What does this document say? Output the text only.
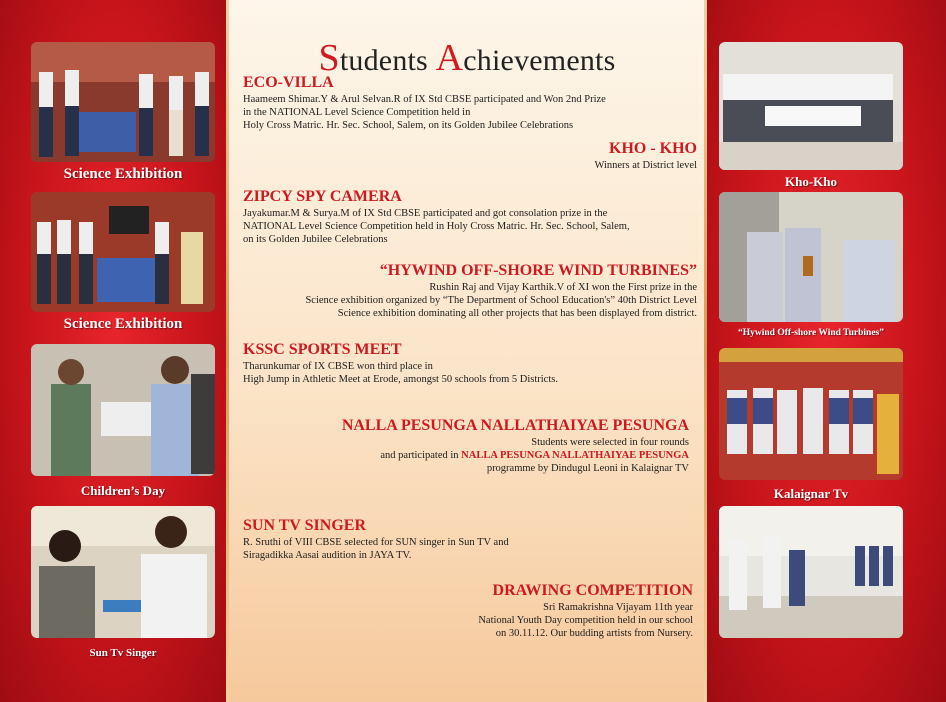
Science Exhibition
Science Exhibition
Children’s Day
Sun Tv Singer
Kho-Kho
“Hywind Off-shore Wind Turbines”
Kalaignar Tv
Students Achievements
ECO-VILLA

Haameem Shimar.Y & Arul Selvan.R of IX Std CBSE participated and Won 2nd Prize
in the NATIONAL Level Science Competition held in
Holy Cross Matric. Hr. Sec. School, Salem, on its Golden Jubilee Celebrations

KHO - KHO

Winners at District level

ZIPCY SPY CAMERA

Jayakumar.M & Surya.M of IX Std CBSE participated and got consolation prize in the
NATIONAL Level Science Competition held in Holy Cross Matric. Hr. Sec. School, Salem,
on its Golden Jubilee Celebrations

“HYWIND OFF-SHORE WIND TURBINES”

Rushin Raj and Vijay Karthik.V of XI won the First prize in the
Science exhibition organized by “The Department of School Education's” 40th District Level
Science exhibition dominating all other projects that has been displayed from district.

KSSC SPORTS MEET

Tharunkumar of IX CBSE won third place in
High Jump in Athletic Meet at Erode, amongst 50 schools from 5 Districts.

NALLA PESUNGA NALLATHAIYAE PESUNGA

Students were selected in four rounds

and participated in NALLA PESUNGA NALLATHAIYAE PESUNGA

programme by Dindugul Leoni in Kalaignar TV

SUN TV SINGER

R. Sruthi of VIII CBSE selected for SUN singer in Sun TV and
Siragadikka Aasai audition in JAYA TV.

DRAWING COMPETITION

Sri Ramakrishna Vijayam 11th year
National Youth Day competition held in our school
on 30.11.12. Our budding artists from Nursery.
